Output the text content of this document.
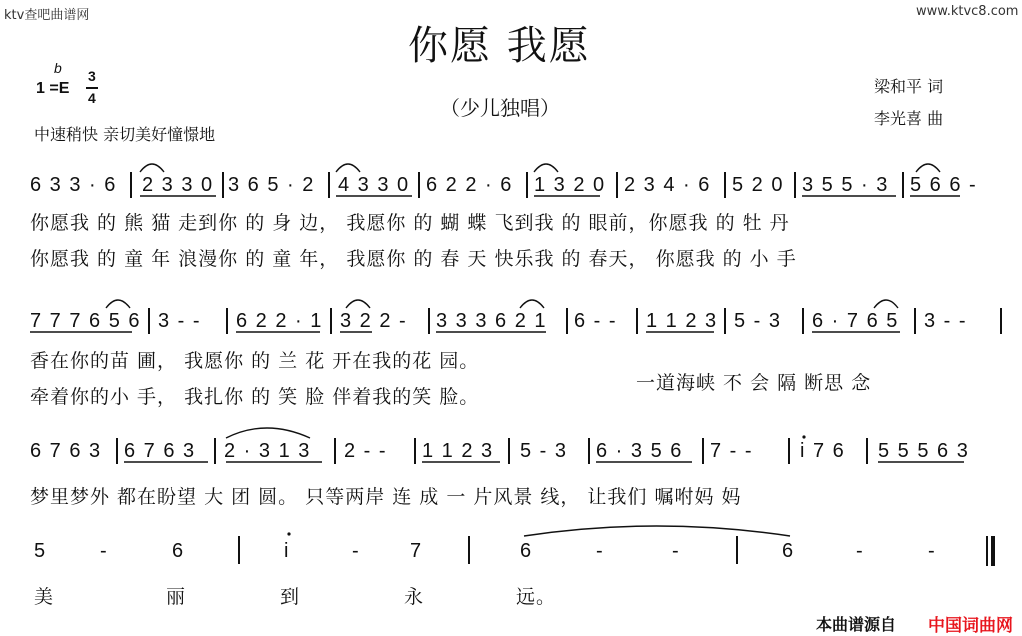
ktv查吧曲谱网	www.ktvc8.com
你愿 我愿
（少儿独唱）
b
1 =E
3
4
中速稍快 亲切美好憧憬地
梁和平 词
李光喜 曲
6 3 3 · 6 2 3 3 0 3 6 5 · 2 4 3 3 0 6 2 2 · 6 1 3 2 0 2 3 4 · 6 5 2 0 3 5 5 · 3 5 6 6 -
你愿我 的 熊 猫 走到你 的 身 边， 我愿你 的 蝴 蝶 飞到我 的 眼前，你愿我 的 牡 丹
你愿我 的 童 年 浪漫你 的 童 年， 我愿你 的 春 天 快乐我 的 春天， 你愿我 的 小 手
7 7 7 6 5 6 3 - - 6 2 2 · 1 3 2 2 - 3 3 3 6 2 1 6 - - 1 1 2 3 5 - 3 6 · 7 6 5 3 - -
香在你的苗 圃， 我愿你 的 兰 花 开在我的花 园。
牵着你的小 手， 我扎你 的 笑 脸 伴着我的笑 脸。
一道海峡 不 会 隔 断思 念
6 7 6 3 6 7 6 3 2 · 3 1 3 2 - - 1 1 2 3 5 - 3 6 · 3 5 6 7 - - i 7 6 5 5 5 6 3
梦里梦外 都在盼望 大 团 圆。 只等两岸 连 成 一 片风景 线， 让我们 嘱咐妈 妈
5	-	6	i	- 7	6	-	-	6	-	-
美	丽	到	永	远。
本曲谱源自 中国词曲网
